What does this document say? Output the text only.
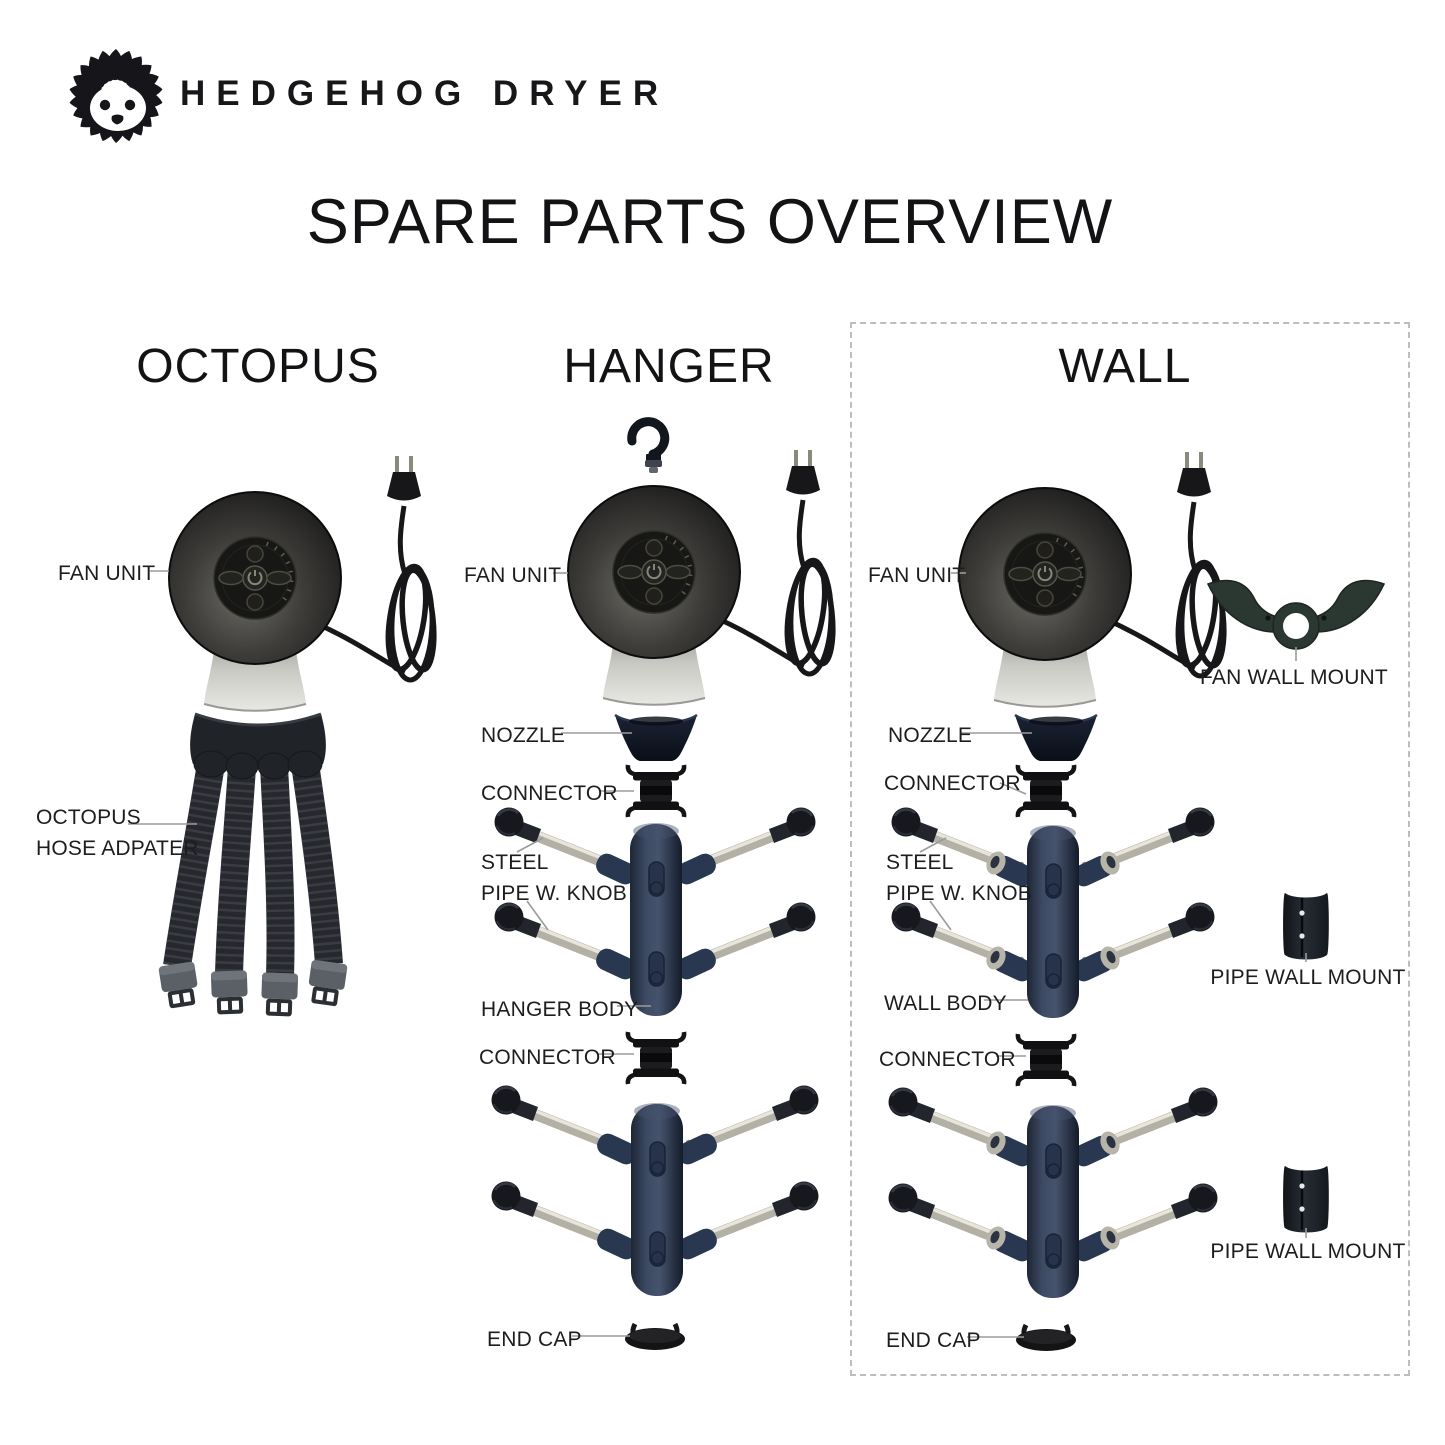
HEDGEHOG DRYER
SPARE PARTS OVERVIEW
OCTOPUS	HANGER	WALL
FAN UNIT
OCTOPUS
HOSE ADPATER
FAN UNIT
NOZZLE
CONNECTOR
STEEL
PIPE W. KNOB
HANGER BODY
CONNECTOR
END CAP
FAN UNIT
FAN WALL MOUNT
NOZZLE
CONNECTOR
STEEL
PIPE W. KNOB
WALL BODY
PIPE WALL MOUNT
CONNECTOR
PIPE WALL MOUNT
END CAP
